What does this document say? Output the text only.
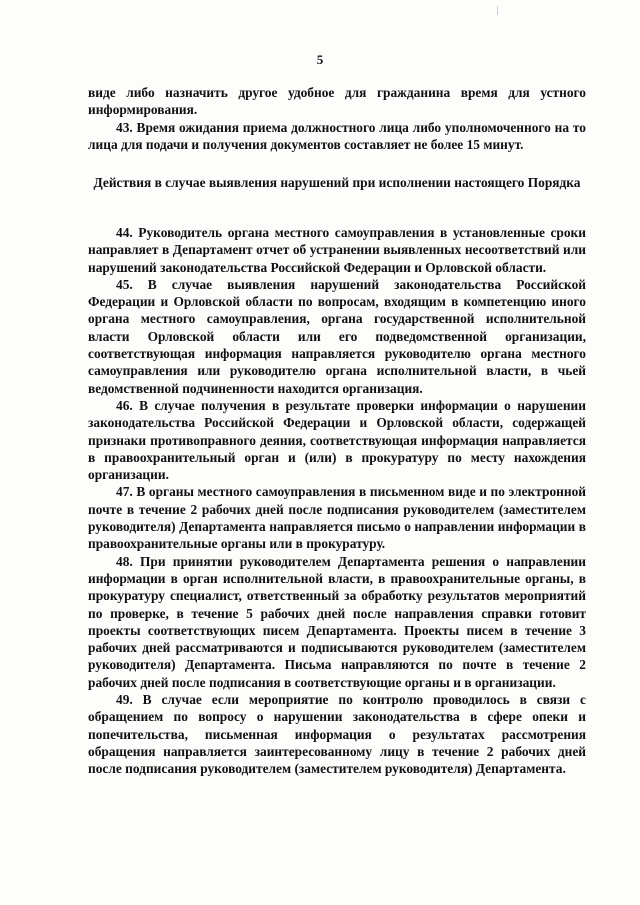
5

виде либо назначить другое удобное для гражданина время для устного информирования.

43. Время ожидания приема должностного лица либо уполномоченного на то лица для подачи и получения документов составляет не более 15 минут.

Действия в случае выявления нарушений при исполнении настоящего Порядка

44. Руководитель органа местного самоуправления в установленные сроки направляет в Департамент отчет об устранении выявленных несоответствий или нарушений законодательства Российской Федерации и Орловской области.

45. В случае выявления нарушений законодательства Российской Федерации и Орловской области по вопросам, входящим в компетенцию иного органа местного самоуправления, органа государственной исполнительной власти Орловской области или его подведомственной организации, соответствующая информация направляется руководителю органа местного самоуправления или руководителю органа исполнительной власти, в чьей ведомственной подчиненности находится организация.

46. В случае получения в результате проверки информации о нарушении законодательства Российской Федерации и Орловской области, содержащей признаки противоправного деяния, соответствующая информация направляется в правоохранительный орган и (или) в прокуратуру по месту нахождения организации.

47. В органы местного самоуправления в письменном виде и по электронной почте в течение 2 рабочих дней после подписания руководителем (заместителем руководителя) Департамента направляется письмо о направлении информации в правоохранительные органы или в прокуратуру.

48. При принятии руководителем Департамента решения о направлении информации в орган исполнительной власти, в правоохранительные органы, в прокуратуру специалист, ответственный за обработку результатов мероприятий по проверке, в течение 5 рабочих дней после направления справки готовит проекты соответствующих писем Департамента. Проекты писем в течение 3 рабочих дней рассматриваются и подписываются руководителем (заместителем руководителя) Департамента. Письма направляются по почте в течение 2 рабочих дней после подписания в соответствующие органы и в организации.

49. В случае если мероприятие по контролю проводилось в связи с обращением по вопросу о нарушении законодательства в сфере опеки и попечительства, письменная информация о результатах рассмотрения обращения направляется заинтересованному лицу в течение 2 рабочих дней после подписания руководителем (заместителем руководителя) Департамента.
